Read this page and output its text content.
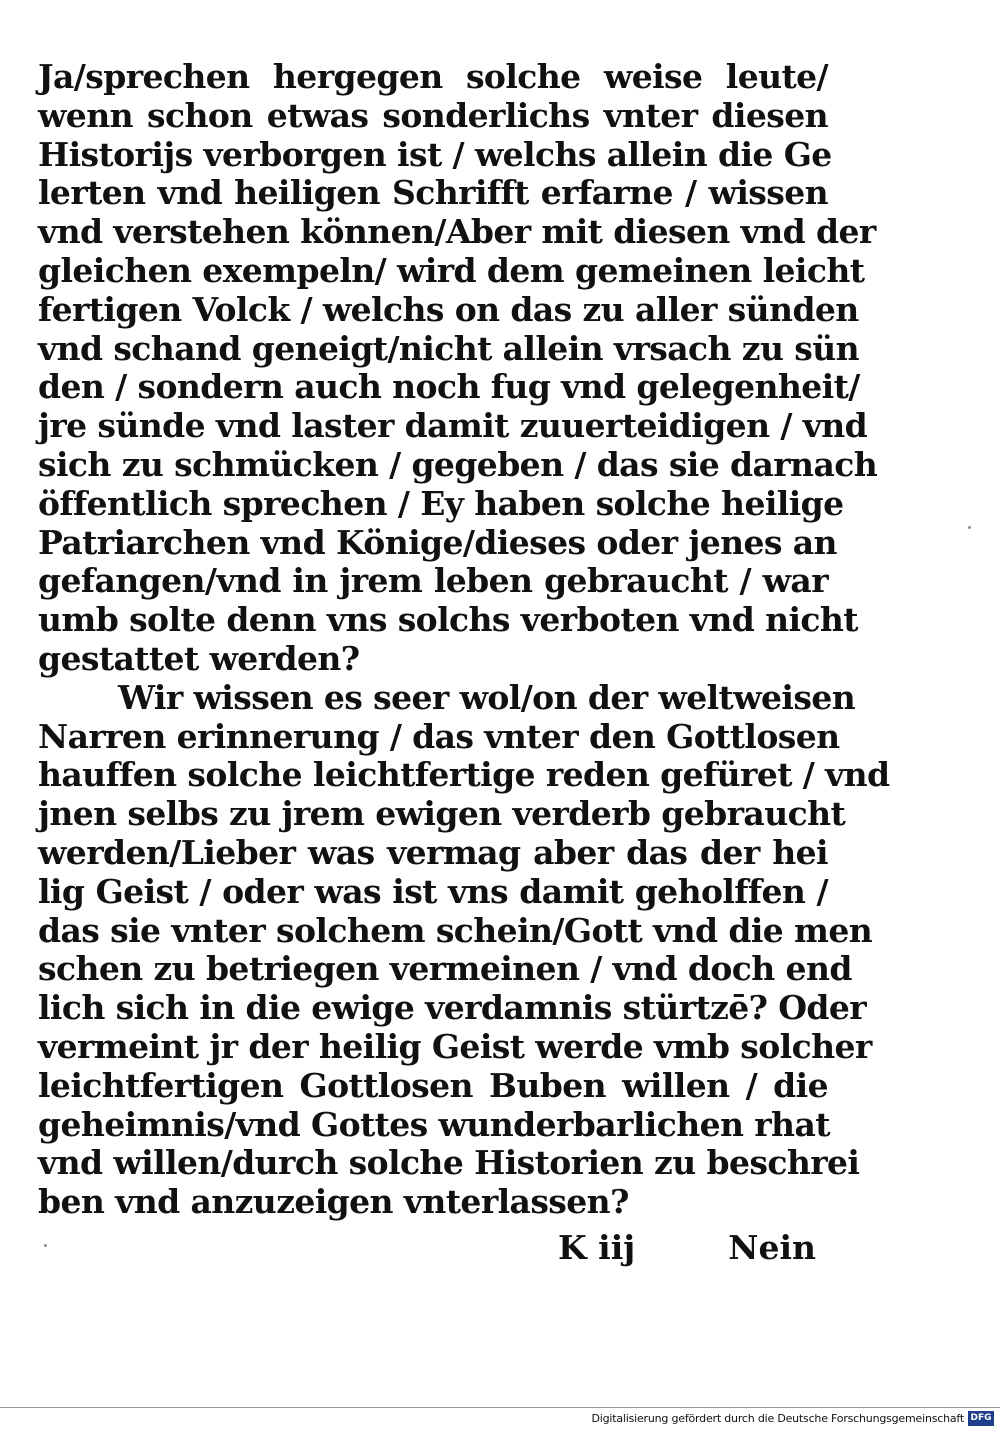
Ja/sprechen hergegen solche weise leute/
wenn schon etwas sonderlichs vnter diesen
Historijs verborgen ist / welchs allein die Ge
lerten vnd heiligen Schrifft erfarne / wissen
vnd verstehen können/Aber mit diesen vnd der
gleichen exempeln/ wird dem gemeinen leicht
fertigen Volck / welchs on das zu aller sünden
vnd schand geneigt/nicht allein vrsach zu sün
den / sondern auch noch fug vnd gelegenheit/
jre sünde vnd laster damit zuuerteidigen / vnd
sich zu schmücken / gegeben / das sie darnach
öffentlich sprechen / Ey haben solche heilige
Patriarchen vnd Könige/dieses oder jenes an
gefangen/vnd in jrem leben gebraucht / war
umb solte denn vns solchs verboten vnd nicht
gestattet werden?
Wir wissen es seer wol/on der weltweisen
Narren erinnerung / das vnter den Gottlosen
hauffen solche leichtfertige reden gefüret / vnd
jnen selbs zu jrem ewigen verderb gebraucht
werden/Lieber was vermag aber das der hei
lig Geist / oder was ist vns damit geholffen /
das sie vnter solchem schein/Gott vnd die men
schen zu betriegen vermeinen / vnd doch end
lich sich in die ewige verdamnis stürtzē? Oder
vermeint jr der heilig Geist werde vmb solcher
leichtfertigen Gottlosen Buben willen / die
geheimnis/vnd Gottes wunderbarlichen rhat
vnd willen/durch solche Historien zu beschrei
ben vnd anzuzeigen vnterlassen?
K iij	Nein
Digitalisierung gefördert durch die Deutsche Forschungsgemeinschaft DFG
